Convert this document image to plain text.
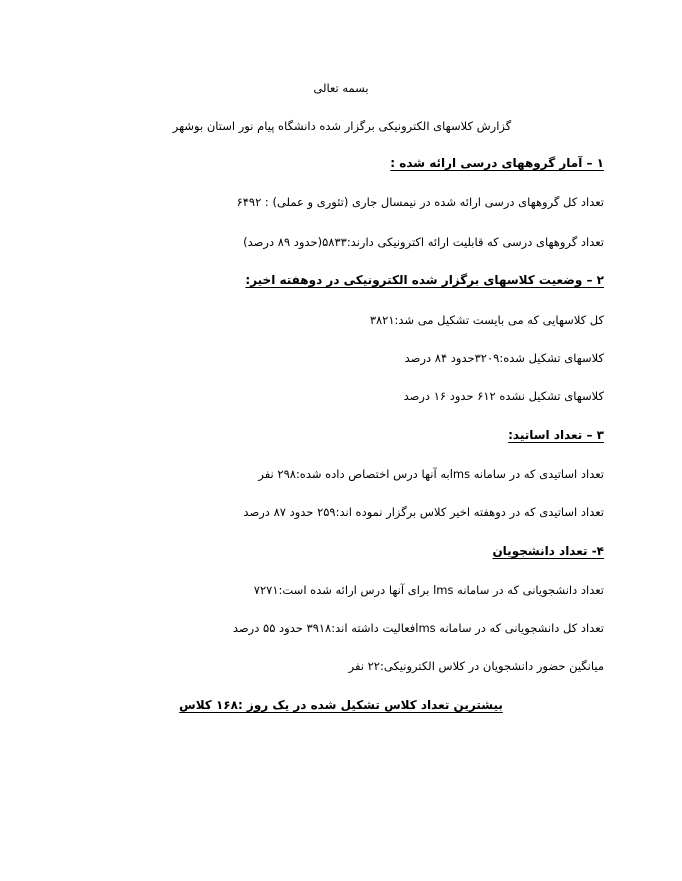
بسمه تعالی
گزارش کلاسهای الکترونیکی برگزار شده دانشگاه پیام نور استان بوشهر
۱ – آمار گروههای درسی ارائه شده :
تعداد کل گروههای درسی ارائه شده در نیمسال جاری (تئوری و عملی) : ۶۴۹۲
تعداد گروههای درسی که قابلیت ارائه اکترونیکی دارند:۵۸۳۳(حدود ۸۹ درصد)
۲ – وضعیت کلاسهای برگزار شده الکترونیکی در دوهفته اخیر:
کل کلاسهایی که می بایست تشکیل می شد:۳۸۲۱
کلاسهای تشکیل شده:۳۲۰۹حدود ۸۴ درصد
کلاسهای تشکیل نشده ۶۱۲ حدود ۱۶ درصد
۳ – تعداد اساتید:
تعداد اساتیدی که در سامانه lmsبه آنها درس اختصاص داده شده:۲۹۸ نفر
تعداد اساتیدی که در دوهفته اخیر کلاس برگزار نموده اند:۲۵۹ حدود ۸۷ درصد
۴- تعداد دانشجویان
تعداد دانشجویانی که در سامانه lms برای آنها درس ارائه شده است:۷۲۷۱
تعداد کل دانشجویانی که در سامانه lmsفعالیت داشته اند:۳۹۱۸ حدود ۵۵ درصد
میانگین حضور دانشجویان در کلاس الکترونیکی:۲۲ نفر
بیشترین تعداد کلاس تشکیل شده در یک روز :۱۶۸ کلاس
